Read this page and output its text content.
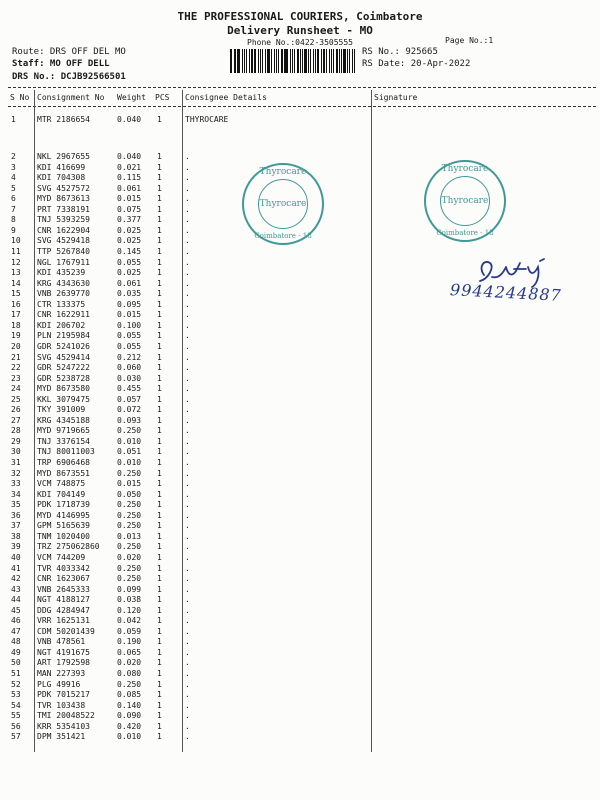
THE PROFESSIONAL COURIERS, Coimbatore
Delivery Runsheet - MO
Phone No.:0422-3505555	Page No.:1
Route: DRS OFF DEL MO
Staff: MO OFF DELL
DRS No.: DCJB92566501
RS No.: 925665
RS Date: 20-Apr-2022
S No Consignment No Weight PCS Consignee Details	Signature
1	MTR 2186654	0.040 1	THYROCARE
2	NKL 2967655	0.040 1	.
3	KDI 416699	0.021 1	.
4	KDI 704308	0.115 1	.
5	SVG 4527572	0.061 1	.
6	MYD 8673613	0.015 1	.
7	PRT 7338191	0.075 1	.
8	TNJ 5393259	0.377 1	.
9	CNR 1622904	0.025 1	.
10 SVG 4529418	0.025 1	.
11 TTP 5267840	0.145 1	.
12 NGL 1767911	0.055 1	.
13 KDI 435239	0.025 1	.
14 KRG 4343630	0.061 1	.
15 VNB 2639770	0.035 1	.
16 CTR 133375	0.095 1	.
17 CNR 1622911	0.015 1	.
18 KDI 206702	0.100 1	.
19 PLN 2195984	0.055 1	.
20 GDR 5241026	0.055 1	.
21 SVG 4529414	0.212 1	.
22 GDR 5247222	0.060 1	.
23 GDR 5238728	0.030 1	.
24 MYD 8673580	0.455 1	.
25 KKL 3079475	0.057 1	.
26 TKY 391009	0.072 1	.
27 KRG 4345188	0.093 1	.
28 MYD 9719665	0.250 1	.
29 TNJ 3376154	0.010 1	.
30 TNJ 80011003	0.051 1	.
31 TRP 6906468	0.010 1	.
32 MYD 8673551	0.250 1	.
33 VCM 748875	0.015 1	.
34 KDI 704149	0.050 1	.
35 PDK 1718739	0.250 1	.
36 MYD 4146995	0.250 1	.
37 GPM 5165639	0.250 1	.
38 TNM 1020400	0.013 1	.
39 TRZ 275062860 0.250 1	.
40 VCM 744209	0.020 1	.
41 TVR 4033342	0.250 1	.
42 CNR 1623067	0.250 1	.
43 VNB 2645333	0.099 1	.
44 NGT 4188127	0.038 1	.
45 DDG 4284947	0.120 1	.
46 VRR 1625131	0.042 1	.
47 CDM 50201439	0.059 1	.
48 VNB 478561	0.190 1	.
49 NGT 4191675	0.065 1	.
50 ART 1792598	0.020 1	.
51 MAN 227393	0.080 1	.
52 PLG 49916	0.250 1	.
53 PDK 7015217	0.085 1	.
54 TVR 103438	0.140 1	.
55 TMI 20048522	0.090 1	.
56 KRR 5354103	0.420 1	.
57 DPM 351421	0.010 1	.
Thyrocare
Thyrocare
Coimbatore - 18
Thyrocare
Thyrocare
Coimbatore - 18
9944244887
